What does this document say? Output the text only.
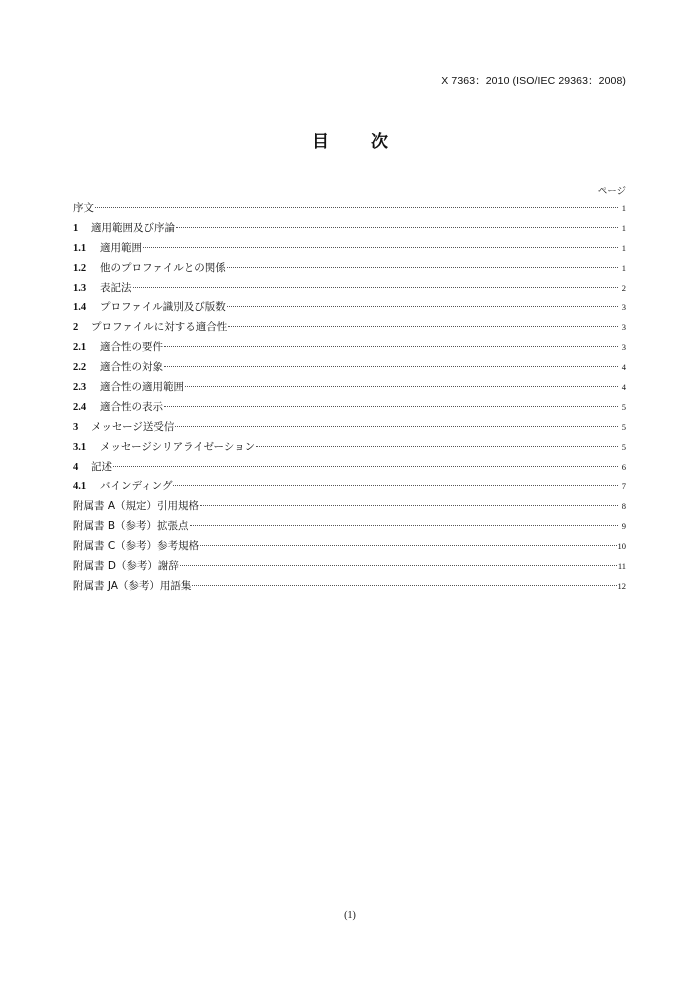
X 7363：2010 (ISO/IEC 29363：2008)
目 次
ページ
序文	1
1	適用範囲及び序論	1
1.1	適用範囲	1
1.2	他のプロファイルとの関係	1
1.3	表記法	2
1.4	プロファイル識別及び版数	3
2	プロファイルに対する適合性	3
2.1	適合性の要件	3
2.2	適合性の対象	4
2.3	適合性の適用範囲	4
2.4	適合性の表示	5
3	メッセージ送受信	5
3.1	メッセージシリアライゼーション	5
4	記述	6
4.1	バインディング	7
附属書 A（規定）引用規格	8
附属書 B（参考）拡張点	9
附属書 C（参考）参考規格	10
附属書 D（参考）謝辞	11
附属書 JA（参考）用語集	12
(1)
